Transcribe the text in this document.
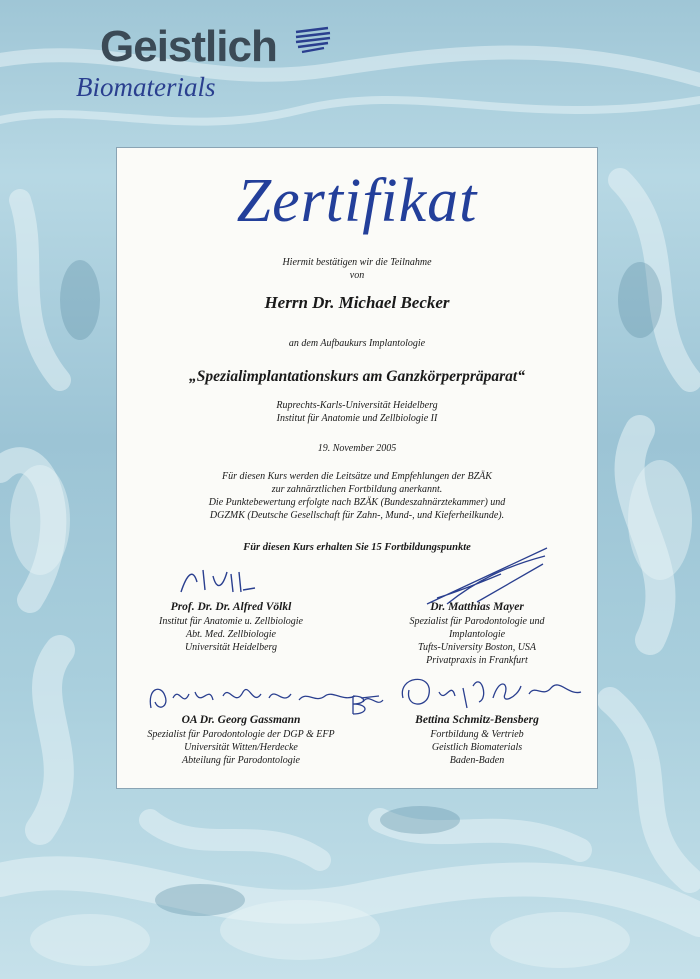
Geistlich
Biomaterials
Zertifikat
Hiermit bestätigen wir die Teilnahme
von
Herrn Dr. Michael Becker
an dem Aufbaukurs Implantologie
„Spezialimplantationskurs am Ganzkörperpräparat“
Ruprechts-Karls-Universität Heidelberg
Institut für Anatomie und Zellbiologie II
19. November 2005
Für diesen Kurs werden die Leitsätze und Empfehlungen der BZÄK
zur zahnärztlichen Fortbildung anerkannt.
Die Punktebewertung erfolgte nach BZÄK (Bundeszahnärztekammer) und
DGZMK (Deutsche Gesellschaft für Zahn-, Mund-, und Kieferheilkunde).
Für diesen Kurs erhalten Sie 15 Fortbildungspunkte
Prof. Dr. Dr. Alfred Völkl
Institut für Anatomie u. Zellbiologie
Abt. Med. Zellbiologie
Universität Heidelberg
Dr. Matthias Mayer
Spezialist für Parodontologie und
Implantologie
Tufts-University Boston, USA
Privatpraxis in Frankfurt
OA Dr. Georg Gassmann
Spezialist für Parodontologie der DGP & EFP
Universität Witten/Herdecke
Abteilung für Parodontologie
Bettina Schmitz-Bensberg
Fortbildung & Vertrieb
Geistlich Biomaterials
Baden-Baden
